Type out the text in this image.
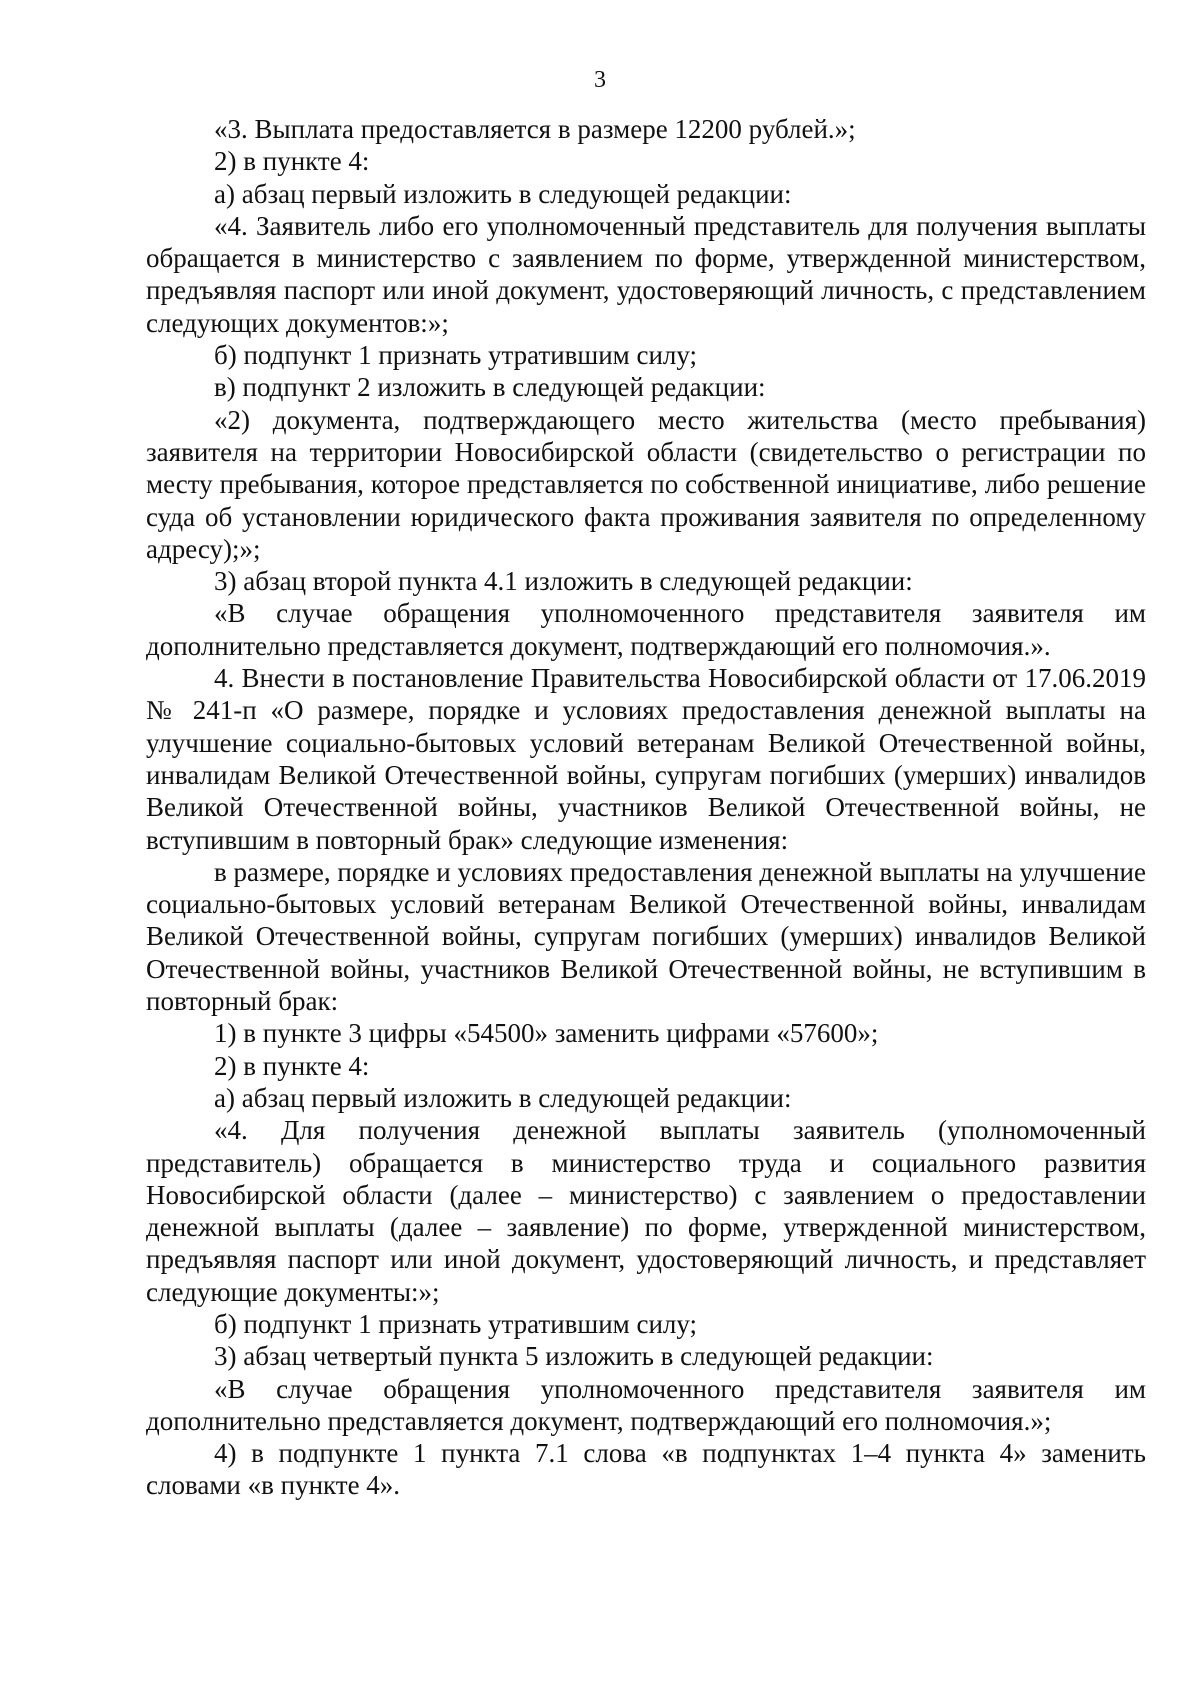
3

«3. Выплата предоставляется в размере 12200 рублей.»;

2) в пункте 4:

а) абзац первый изложить в следующей редакции:

«4. Заявитель либо его уполномоченный представитель для получения выплаты обращается в министерство с заявлением по форме, утвержденной министерством, предъявляя паспорт или иной документ, удостоверяющий личность, с представлением следующих документов:»;

б) подпункт 1 признать утратившим силу;

в) подпункт 2 изложить в следующей редакции:

«2) документа, подтверждающего место жительства (место пребывания) заявителя на территории Новосибирской области (свидетельство о регистрации по месту пребывания, которое представляется по собственной инициативе, либо решение суда об установлении юридического факта проживания заявителя по определенному адресу);»;

3) абзац второй пункта 4.1 изложить в следующей редакции:

«В случае обращения уполномоченного представителя заявителя им дополнительно представляется документ, подтверждающий его полномочия.».

4. Внести в постановление Правительства Новосибирской области от 17.06.2019 № 241-п «О размере, порядке и условиях предоставления денежной выплаты на улучшение социально-бытовых условий ветеранам Великой Отечественной войны, инвалидам Великой Отечественной войны, супругам погибших (умерших) инвалидов Великой Отечественной войны, участников Великой Отечественной войны, не вступившим в повторный брак» следующие изменения:

в размере, порядке и условиях предоставления денежной выплаты на улучшение социально-бытовых условий ветеранам Великой Отечественной войны, инвалидам Великой Отечественной войны, супругам погибших (умерших) инвалидов Великой Отечественной войны, участников Великой Отечественной войны, не вступившим в повторный брак:

1) в пункте 3 цифры «54500» заменить цифрами «57600»;

2) в пункте 4:

а) абзац первый изложить в следующей редакции:

«4. Для получения денежной выплаты заявитель (уполномоченный представитель) обращается в министерство труда и социального развития Новосибирской области (далее – министерство) с заявлением о предоставлении денежной выплаты (далее – заявление) по форме, утвержденной министерством, предъявляя паспорт или иной документ, удостоверяющий личность, и представляет следующие документы:»;

б) подпункт 1 признать утратившим силу;

3) абзац четвертый пункта 5 изложить в следующей редакции:

«В случае обращения уполномоченного представителя заявителя им дополнительно представляется документ, подтверждающий его полномочия.»;

4) в подпункте 1 пункта 7.1 слова «в подпунктах 1–4 пункта 4» заменить словами «в пункте 4».
